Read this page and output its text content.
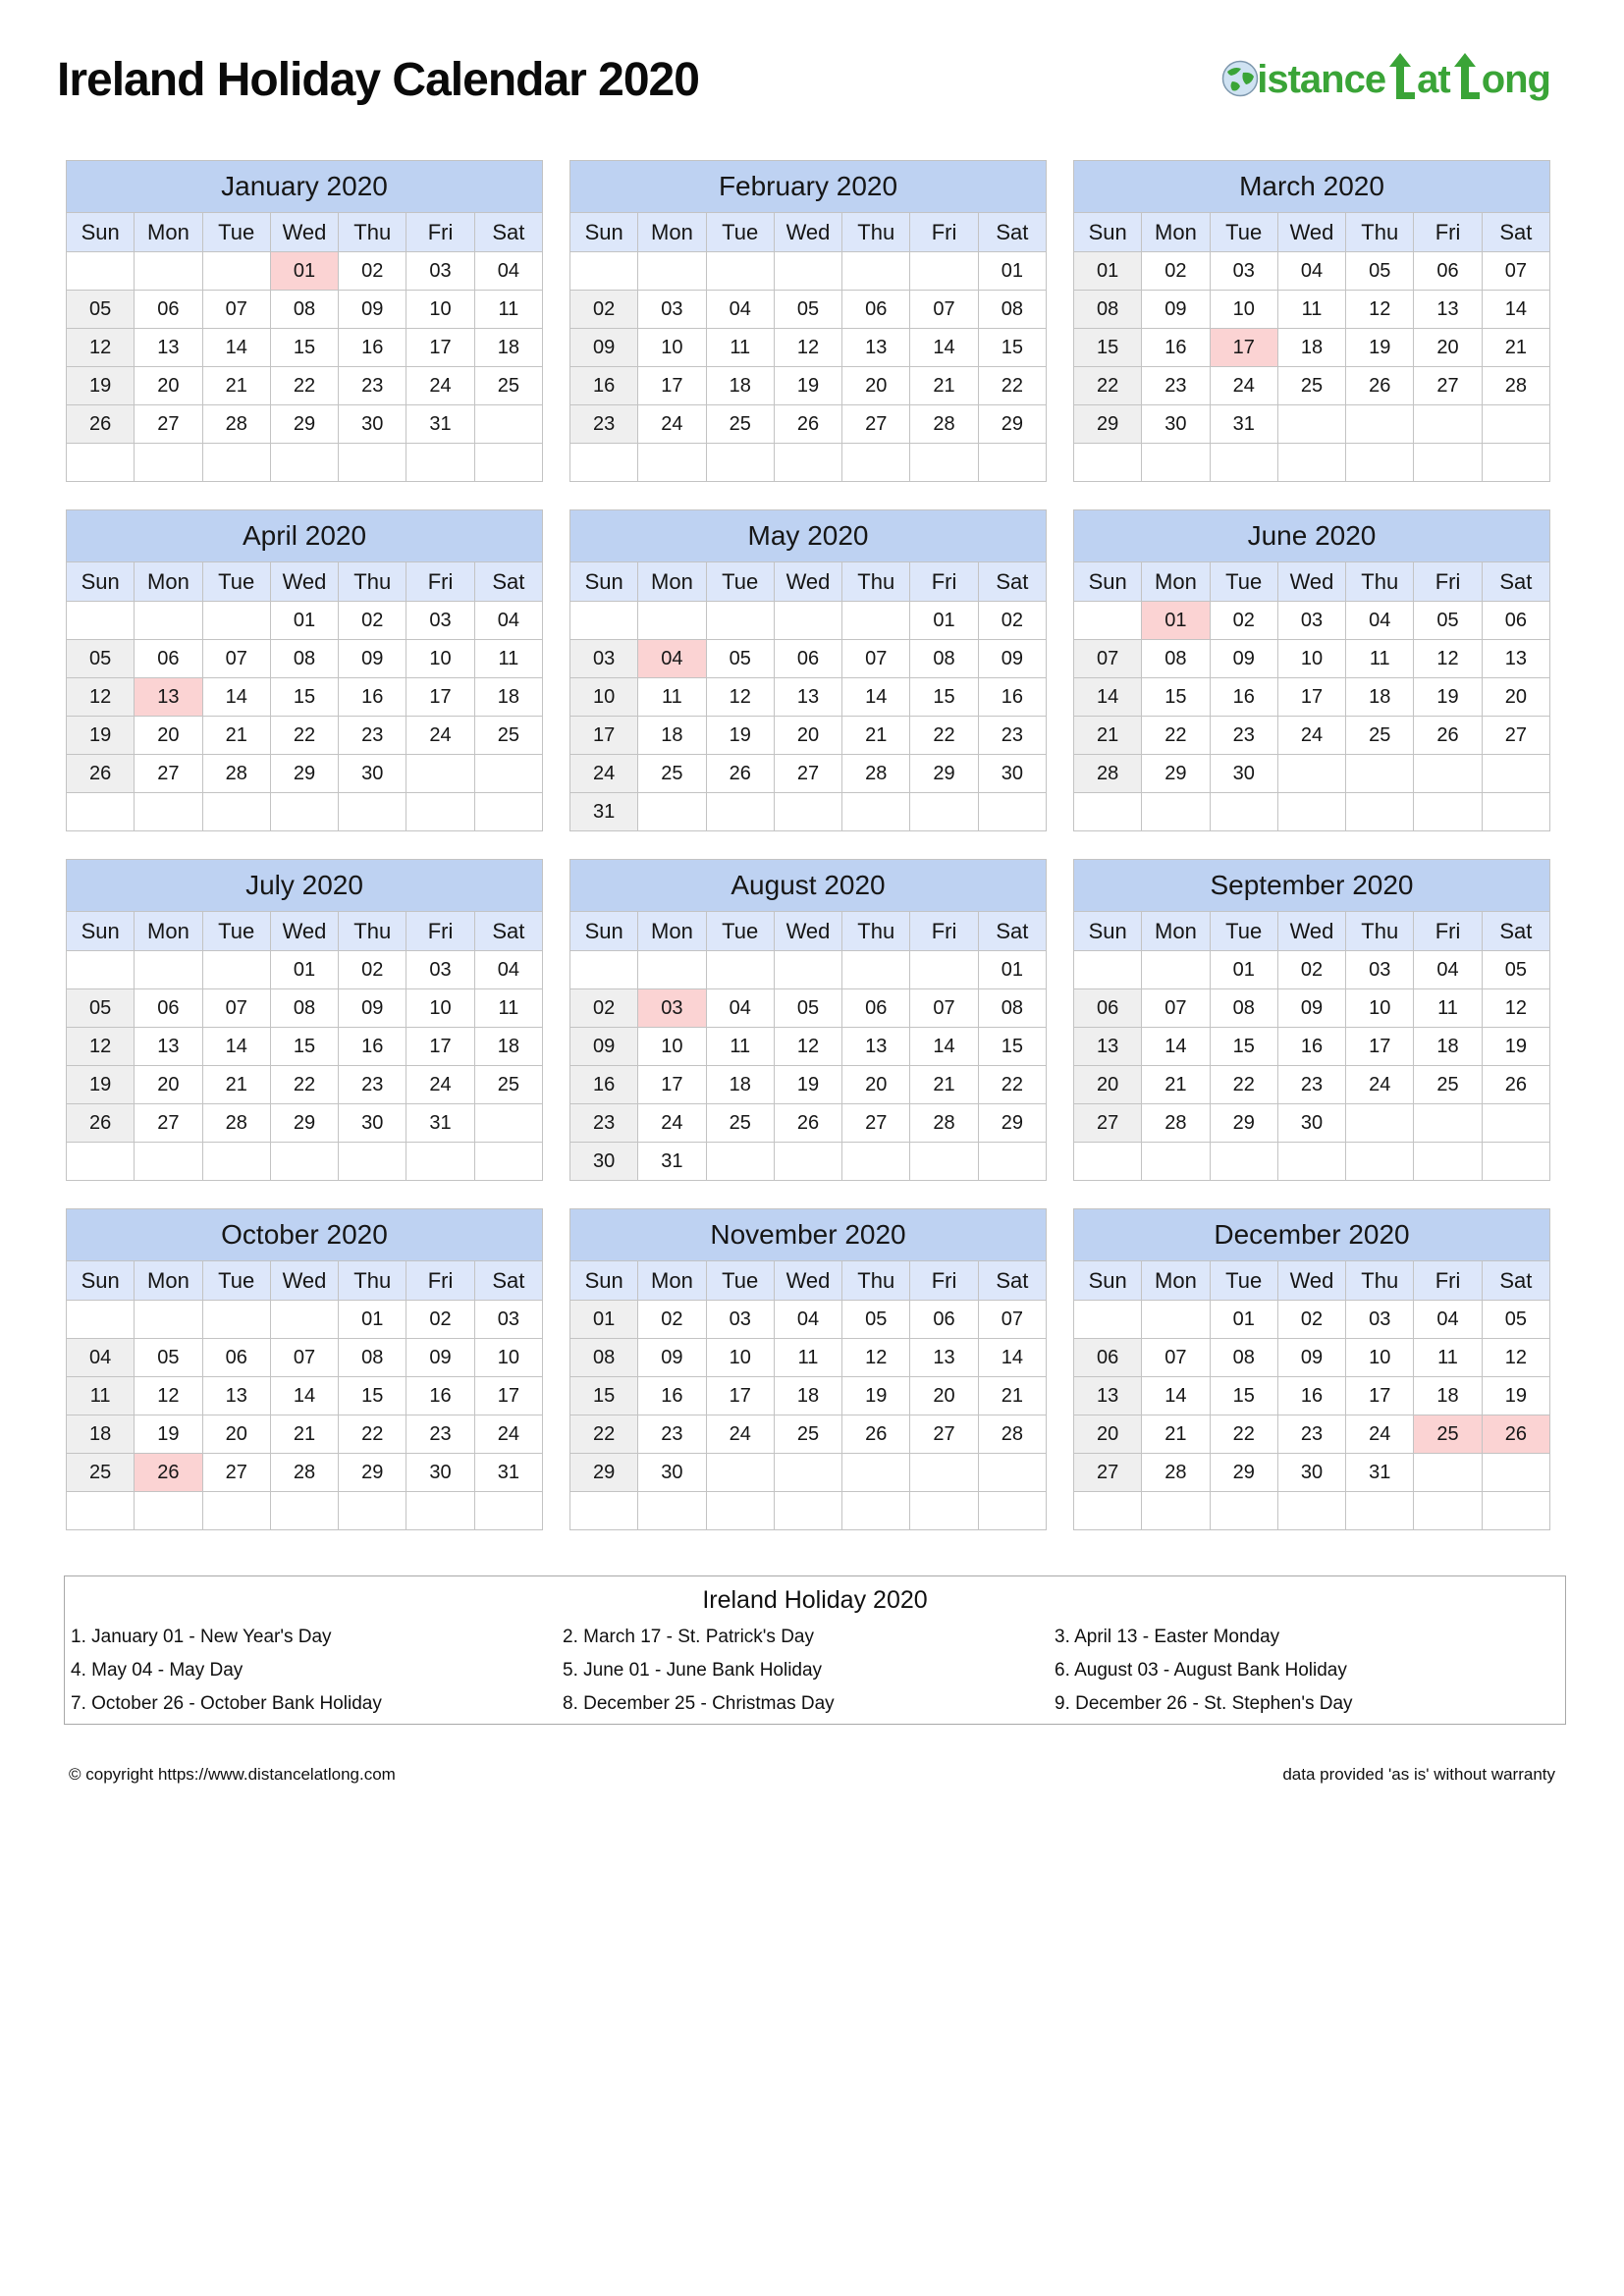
Ireland Holiday Calendar 2020	istance at ong
January 2020						
Sun	Mon	Tue	Wed	Thu	Fri	Sat
			01	02	03	04
05	06	07	08	09	10	11
12	13	14	15	16	17	18
19	20	21	22	23	24	25
26	27	28	29	30	31	

February 2020						
Sun	Mon	Tue	Wed	Thu	Fri	Sat
						01
02	03	04	05	06	07	08
09	10	11	12	13	14	15
16	17	18	19	20	21	22
23	24	25	26	27	28	29

March 2020						
Sun	Mon	Tue	Wed	Thu	Fri	Sat
01	02	03	04	05	06	07
08	09	10	11	12	13	14
15	16	17	18	19	20	21
22	23	24	25	26	27	28
29	30	31				

April 2020						
Sun	Mon	Tue	Wed	Thu	Fri	Sat
			01	02	03	04
05	06	07	08	09	10	11
12	13	14	15	16	17	18
19	20	21	22	23	24	25
26	27	28	29	30		

May 2020						
Sun	Mon	Tue	Wed	Thu	Fri	Sat
					01	02
03	04	05	06	07	08	09
10	11	12	13	14	15	16
17	18	19	20	21	22	23
24	25	26	27	28	29	30
31						
June 2020						
Sun	Mon	Tue	Wed	Thu	Fri	Sat
	01	02	03	04	05	06
07	08	09	10	11	12	13
14	15	16	17	18	19	20
21	22	23	24	25	26	27
28	29	30				

July 2020						
Sun	Mon	Tue	Wed	Thu	Fri	Sat
			01	02	03	04
05	06	07	08	09	10	11
12	13	14	15	16	17	18
19	20	21	22	23	24	25
26	27	28	29	30	31	

August 2020						
Sun	Mon	Tue	Wed	Thu	Fri	Sat
						01
02	03	04	05	06	07	08
09	10	11	12	13	14	15
16	17	18	19	20	21	22
23	24	25	26	27	28	29
30	31					
September 2020						
Sun	Mon	Tue	Wed	Thu	Fri	Sat
		01	02	03	04	05
06	07	08	09	10	11	12
13	14	15	16	17	18	19
20	21	22	23	24	25	26
27	28	29	30			

October 2020						
Sun	Mon	Tue	Wed	Thu	Fri	Sat
				01	02	03
04	05	06	07	08	09	10
11	12	13	14	15	16	17
18	19	20	21	22	23	24
25	26	27	28	29	30	31

November 2020						
Sun	Mon	Tue	Wed	Thu	Fri	Sat
01	02	03	04	05	06	07
08	09	10	11	12	13	14
15	16	17	18	19	20	21
22	23	24	25	26	27	28
29	30					

December 2020						
Sun	Mon	Tue	Wed	Thu	Fri	Sat
		01	02	03	04	05
06	07	08	09	10	11	12
13	14	15	16	17	18	19
20	21	22	23	24	25	26
27	28	29	30	31		

Ireland Holiday 2020
1. January 01 - New Year's Day	2. March 17 - St. Patrick's Day	3. April 13 - Easter Monday
4. May 04 - May Day	5. June 01 - June Bank Holiday	6. August 03 - August Bank Holiday
7. October 26 - October Bank Holiday	8. December 25 - Christmas Day	9. December 26 - St. Stephen's Day
© copyright https://www.distancelatlong.com	data provided 'as is' without warranty
